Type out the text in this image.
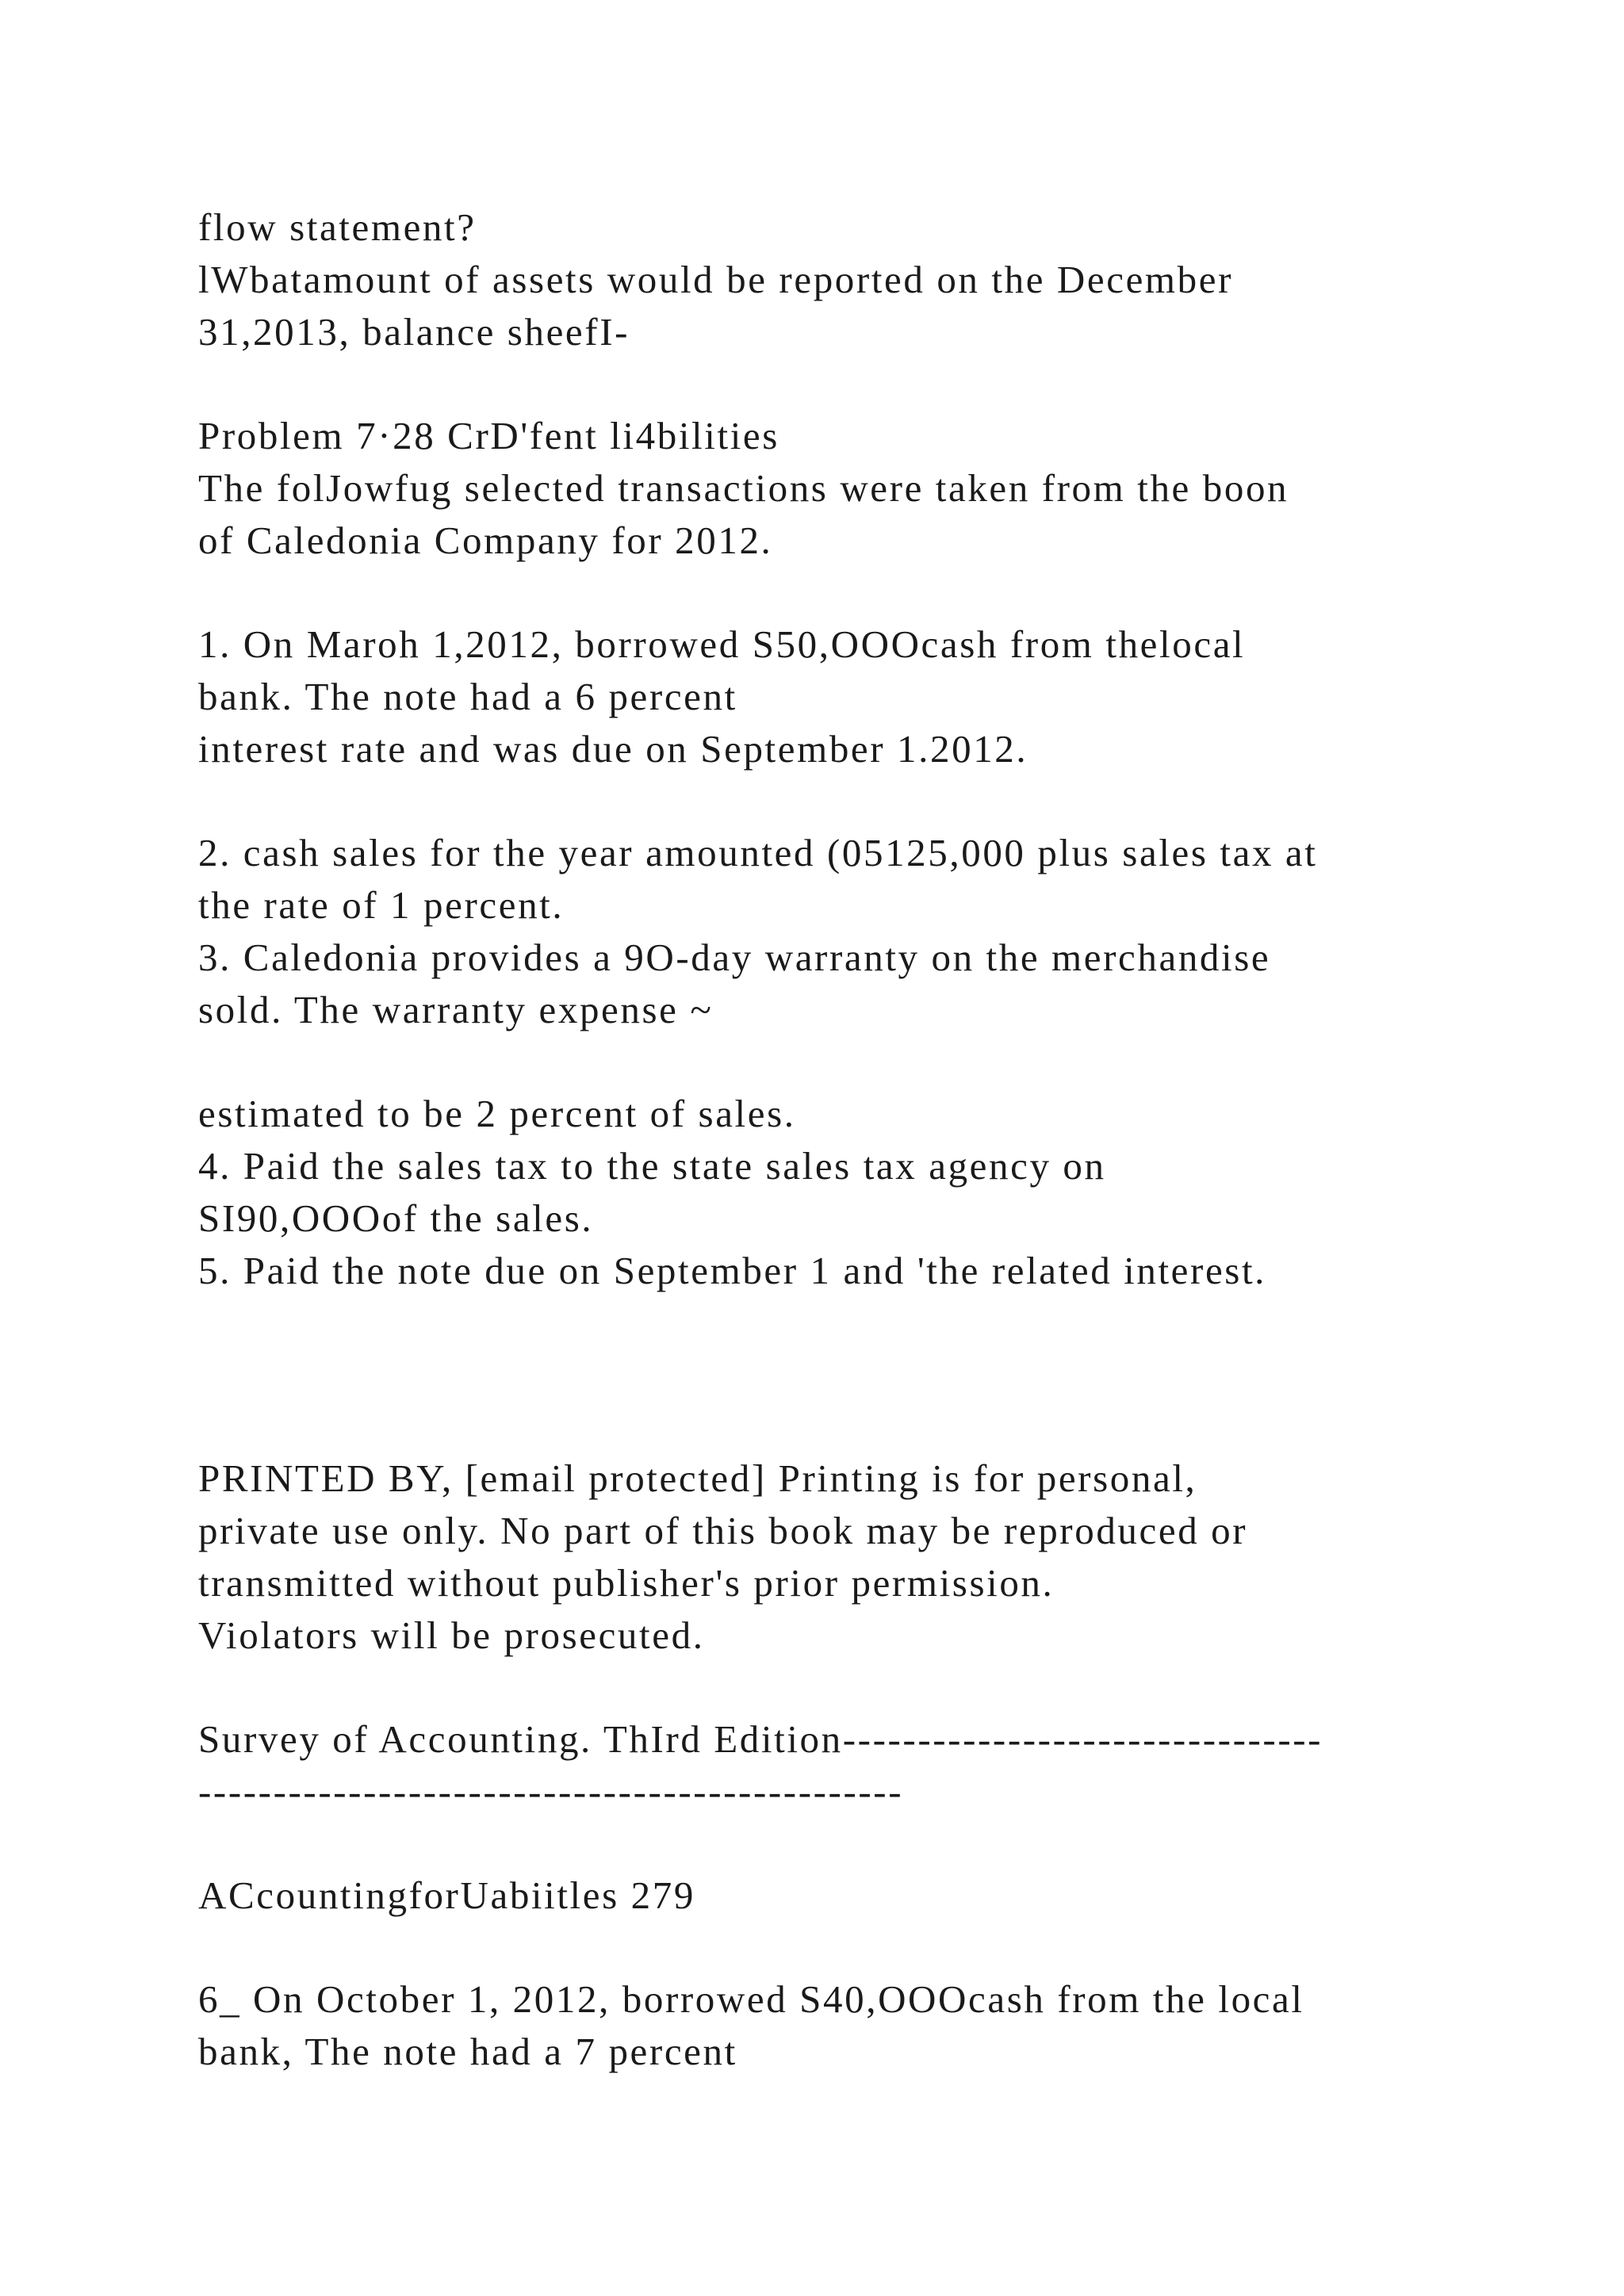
flow statement?

lWbatamount of assets would be reported on the December

31,2013, balance sheefI-

Problem 7·28 CrD'fent li4bilities

The folJowfug selected transactions were taken from the boon

of Caledonia Company for 2012.

1. On Maroh 1,2012, borrowed S50,OOOcash from thelocal

bank. The note had a 6 percent

interest rate and was due on September 1.2012.

2. cash sales for the year amounted (05125,000 plus sales tax at

the rate of 1 percent.

3. Caledonia provides a 9O-day warranty on the merchandise

sold. The warranty expense ~

estimated to be 2 percent of sales.

4. Paid the sales tax to the state sales tax agency on

SI90,OOOof the sales.

5. Paid the note due on September 1 and 'the related interest.

PRINTED BY, [email protected] Printing is for personal,

private use only. No part of this book may be reproduced or

transmitted without publisher's prior permission.

Violators will be prosecuted.

Survey of Accounting. ThIrd Edition--------------------------------

-----------------------------------------------

ACcountingforUabiitles 279

6_ On October 1, 2012, borrowed S40,OOOcash from the local

bank, The note had a 7 percent
